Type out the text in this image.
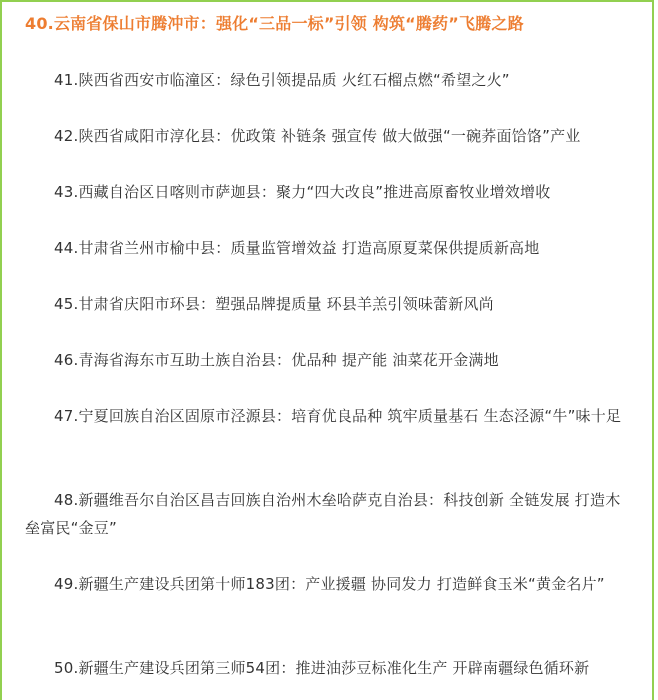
40.云南省保山市腾冲市：强化“三品一标”引领 构筑“腾药”飞腾之路
41.陕西省西安市临潼区：绿色引领提品质 火红石榴点燃“希望之火”
42.陕西省咸阳市淳化县：优政策 补链条 强宣传 做大做强“一碗荞面饸饹”产业
43.西藏自治区日喀则市萨迦县：聚力“四大改良”推进高原畜牧业增效增收
44.甘肃省兰州市榆中县：质量监管增效益 打造高原夏菜保供提质新高地
45.甘肃省庆阳市环县：塑强品牌提质量 环县羊羔引领味蕾新风尚
46.青海省海东市互助土族自治县：优品种 提产能 油菜花开金满地
47.宁夏回族自治区固原市泾源县：培育优良品种 筑牢质量基石 生态泾源“牛”味十足
48.新疆维吾尔自治区昌吉回族自治州木垒哈萨克自治县：科技创新 全链发展 打造木垒富民“金豆”
49.新疆生产建设兵团第十师183团：产业援疆 协同发力 打造鲜食玉米“黄金名片”
50.新疆生产建设兵团第三师54团：推进油莎豆标准化生产 开辟南疆绿色循环新
